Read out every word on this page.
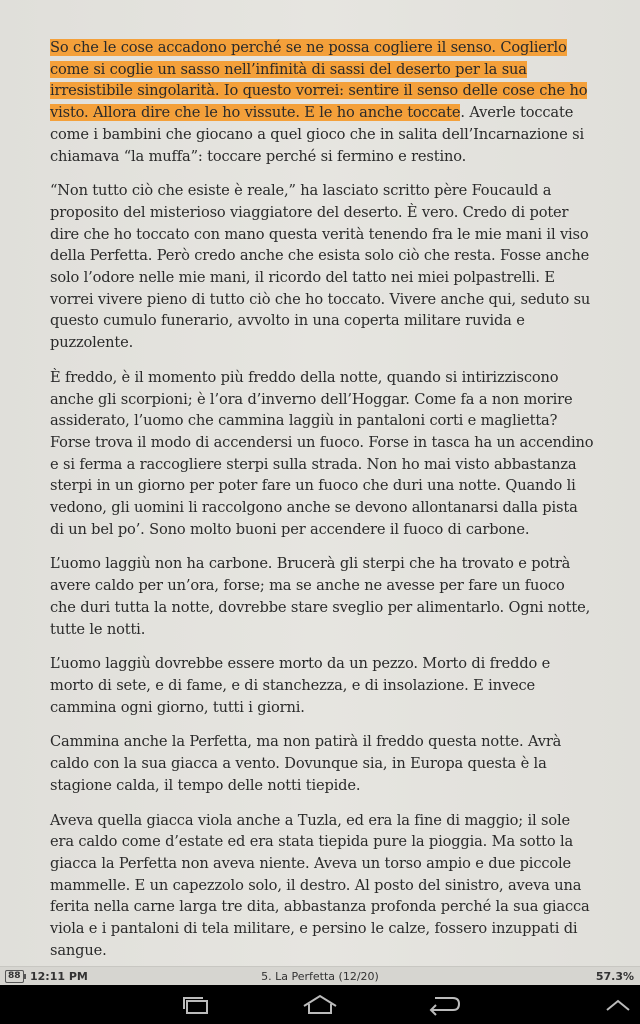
So che le cose accadono perché se ne possa cogliere il senso. Coglierlo come si coglie un sasso nell’infinità di sassi del deserto per la sua irresistibile singolarità. Io questo vorrei: sentire il senso delle cose che ho visto. Allora dire che le ho vissute. E le ho anche toccate. Averle toccate come i bambini che giocano a quel gioco che in salita dell’Incarnazione si chiamava “la muffa”: toccare perché si fermino e restino.

“Non tutto ciò che esiste è reale,” ha lasciato scritto père Foucauld a proposito del misterioso viaggiatore del deserto. È vero. Credo di poter dire che ho toccato con mano questa verità tenendo fra le mie mani il viso della Perfetta. Però credo anche che esista solo ciò che resta. Fosse anche solo l’odore nelle mie mani, il ricordo del tatto nei miei polpastrelli. E vorrei vivere pieno di tutto ciò che ho toccato. Vivere anche qui, seduto su questo cumulo funerario, avvolto in una coperta militare ruvida e puzzolente.

È freddo, è il momento più freddo della notte, quando si intirizziscono anche gli scorpioni; è l’ora d’inverno dell’Hoggar. Come fa a non morire assiderato, l’uomo che cammina laggiù in pantaloni corti e maglietta? Forse trova il modo di accendersi un fuoco. Forse in tasca ha un accendino e si ferma a raccogliere sterpi sulla strada. Non ho mai visto abbastanza sterpi in un giorno per poter fare un fuoco che duri una notte. Quando li vedono, gli uomini li raccolgono anche se devono allontanarsi dalla pista di un bel po’. Sono molto buoni per accendere il fuoco di carbone.

L’uomo laggiù non ha carbone. Brucerà gli sterpi che ha trovato e potrà avere caldo per un’ora, forse; ma se anche ne avesse per fare un fuoco che duri tutta la notte, dovrebbe stare sveglio per alimentarlo. Ogni notte, tutte le notti.

L’uomo laggiù dovrebbe essere morto da un pezzo. Morto di freddo e morto di sete, e di fame, e di stanchezza, e di insolazione. E invece cammina ogni giorno, tutti i giorni.

Cammina anche la Perfetta, ma non patirà il freddo questa notte. Avrà caldo con la sua giacca a vento. Dovunque sia, in Europa questa è la stagione calda, il tempo delle notti tiepide.

Aveva quella giacca viola anche a Tuzla, ed era la fine di maggio; il sole era caldo come d’estate ed era stata tiepida pure la pioggia. Ma sotto la giacca la Perfetta non aveva niente. Aveva un torso ampio e due piccole mammelle. E un capezzolo solo, il destro. Al posto del sinistro, aveva una ferita nella carne larga tre dita, abbastanza profonda perché la sua giacca viola e i pantaloni di tela militare, e persino le calze, fossero inzuppati di sangue.

88 12:11 PM	5. La Perfetta (12/20)	57.3%
